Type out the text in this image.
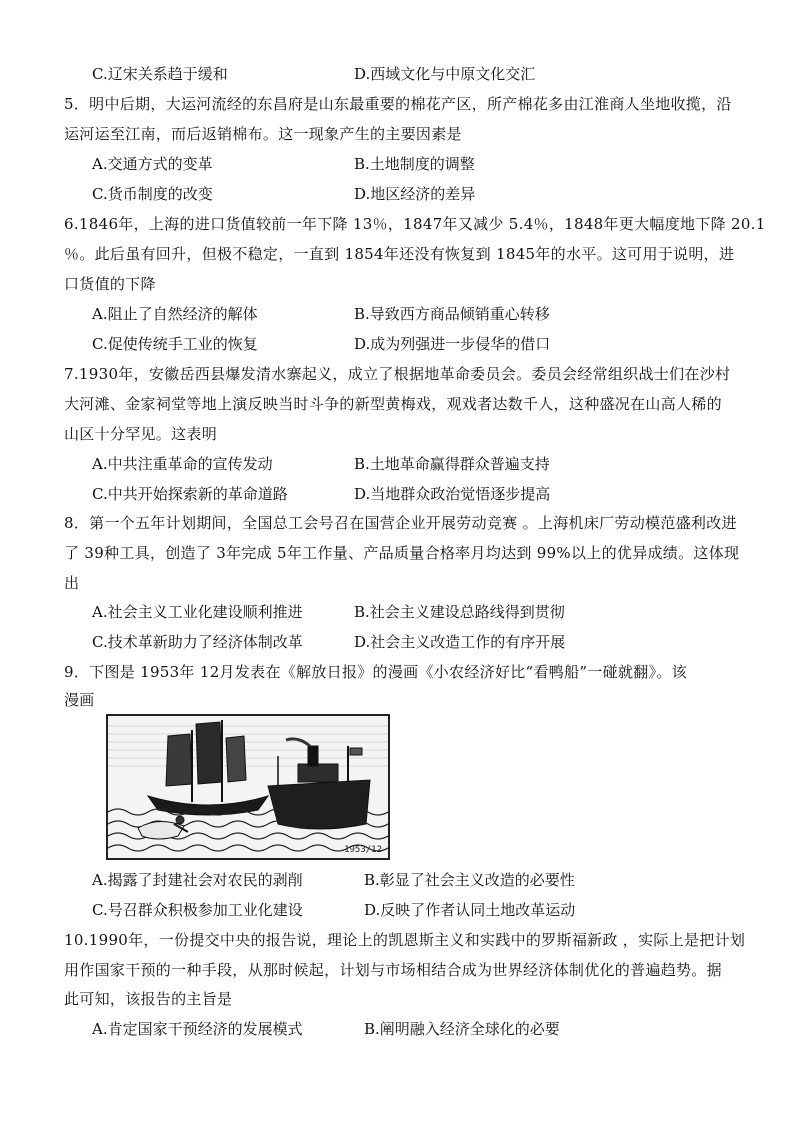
C.辽宋关系趋于缓和	D.西域文化与中原文化交汇
5．明中后期，大运河流经的东昌府是山东最重要的棉花产区，所产棉花多由江淮商人坐地收揽，沿
运河运至江南，而后返销棉布。这一现象产生的主要因素是
A.交通方式的变革	B.土地制度的调整
C.货币制度的改变	D.地区经济的差异
6.1846年，上海的进口货值较前一年下降 13％，1847年又减少 5.4％，1848年更大幅度地下降 20.1
％。此后虽有回升，但极不稳定，一直到 1854年还没有恢复到 1845年的水平。这可用于说明，进
口货值的下降
A.阻止了自然经济的解体	B.导致西方商品倾销重心转移
C.促使传统手工业的恢复	D.成为列强进一步侵华的借口
7.1930年，安徽岳西县爆发清水寨起义，成立了根据地革命委员会。委员会经常组织战士们在沙村
大河滩、金家祠堂等地上演反映当时斗争的新型黄梅戏，观戏者达数千人，这种盛况在山高人稀的
山区十分罕见。这表明
A.中共注重革命的宣传发动	B.土地革命赢得群众普遍支持
C.中共开始探索新的革命道路	D.当地群众政治觉悟逐步提高
8．第一个五年计划期间，全国总工会号召在国营企业开展劳动竞赛 。上海机床厂劳动模范盛利改进
了 39种工具，创造了 3年完成 5年工作量、产品质量合格率月均达到 99%以上的优异成绩。这体现
出
A.社会主义工业化建设顺利推进	B.社会主义建设总路线得到贯彻
C.技术革新助力了经济体制改革	D.社会主义改造工作的有序开展
9．下图是 1953年 12月发表在《解放日报》的漫画《小农经济好比“看鸭船”一碰就翻》。该
漫画
1953/12
A.揭露了封建社会对农民的剥削	B.彰显了社会主义改造的必要性
C.号召群众积极参加工业化建设	D.反映了作者认同土地改革运动
10.1990年，一份提交中央的报告说，理论上的凯恩斯主义和实践中的罗斯福新政 ，实际上是把计划
用作国家干预的一种手段，从那时候起，计划与市场相结合成为世界经济体制优化的普遍趋势。据
此可知，该报告的主旨是
A.肯定国家干预经济的发展模式	B.阐明融入经济全球化的必要
